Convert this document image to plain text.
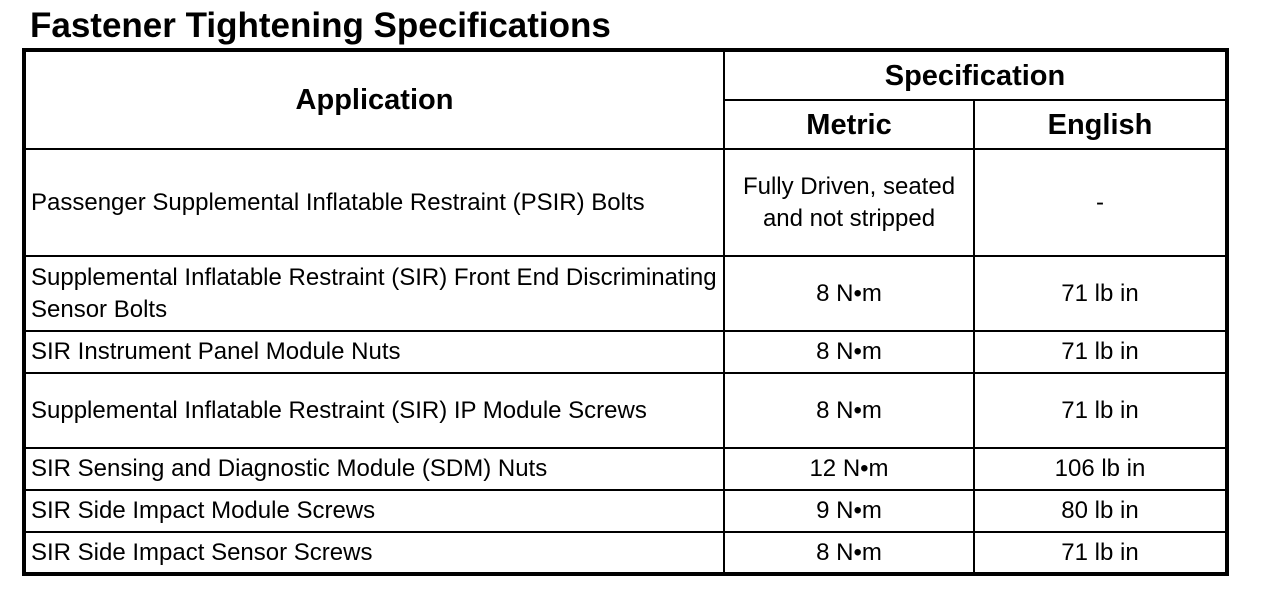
Fastener Tightening Specifications
Application	Specification	
	Metric	English
Passenger Supplemental Inflatable Restraint (PSIR) Bolts	Fully Driven, seated and not stripped	-
Supplemental Inflatable Restraint (SIR) Front End Discriminating Sensor Bolts	8 N•m	71 lb in
SIR Instrument Panel Module Nuts	8 N•m	71 lb in
Supplemental Inflatable Restraint (SIR) IP Module Screws	8 N•m	71 lb in
SIR Sensing and Diagnostic Module (SDM) Nuts	12 N•m	106 lb in
SIR Side Impact Module Screws	9 N•m	80 lb in
SIR Side Impact Sensor Screws	8 N•m	71 lb in
